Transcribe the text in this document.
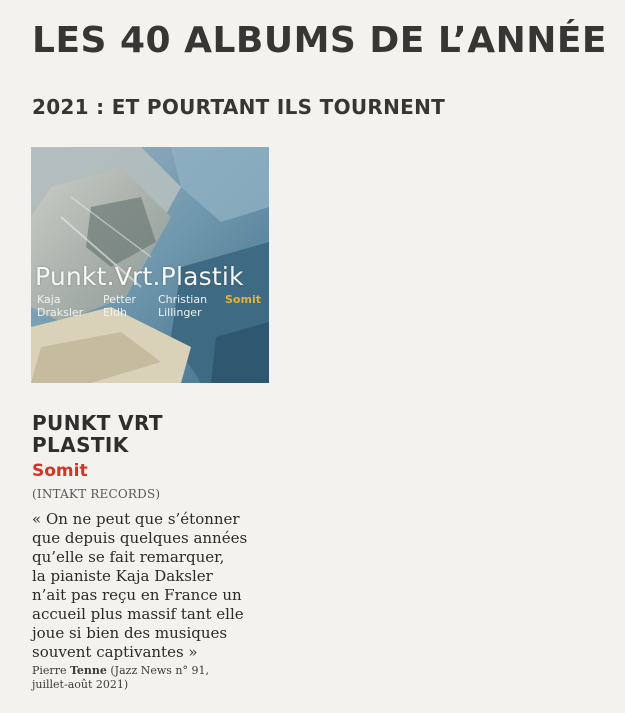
LES 40 ALBUMS DE L’ANNÉE
2021 : ET POURTANT ILS TOURNENT
Punkt.Vrt.Plastik
Kaja
Draksler
Petter
Eldh
Christian
Lillinger
Somit
PUNKT VRT
PLASTIK
Somit
(INTAKT RECORDS)

« On ne peut que s’étonner
que depuis quelques années
qu’elle se fait remarquer,
la pianiste Kaja Daksler
n’ait pas reçu en France un
accueil plus massif tant elle
joue si bien des musiques
souvent captivantes »

Pierre Tenne (Jazz News n° 91,
juillet-août 2021)
